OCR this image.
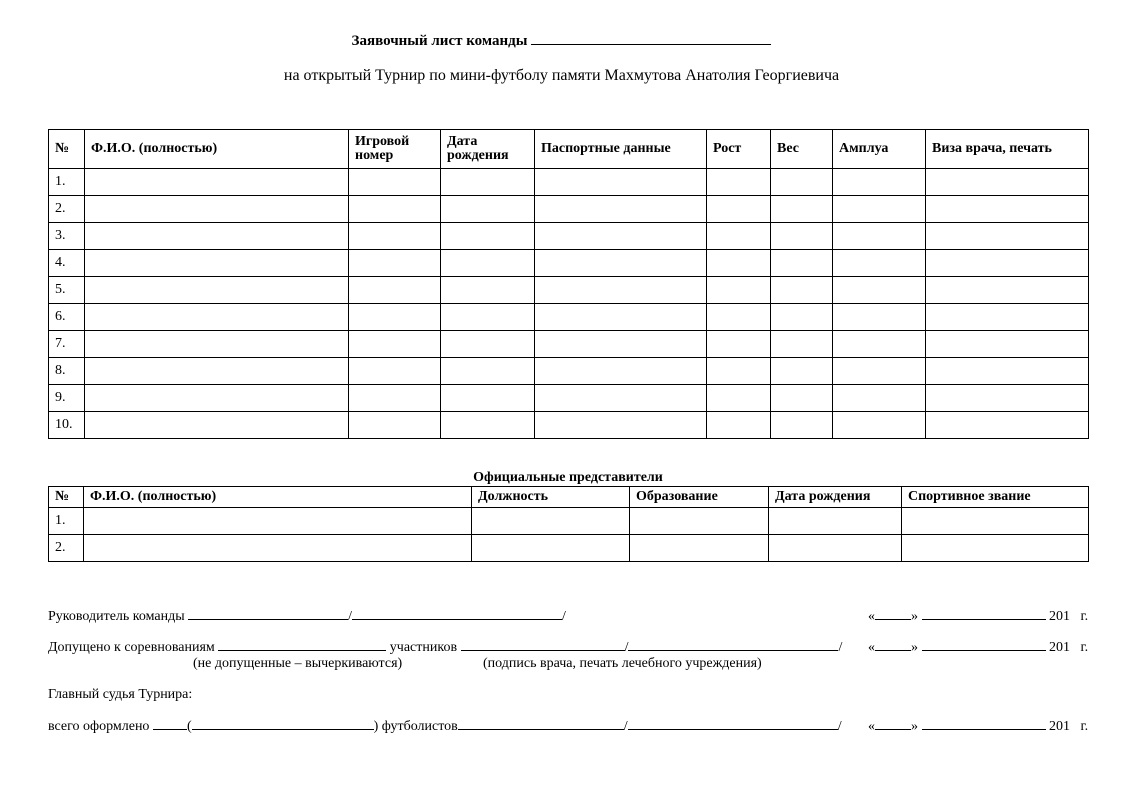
Заявочный лист команды
на открытый Турнир по мини-футболу памяти Махмутова Анатолия Георгиевича
№	Ф.И.О. (полностью)	Игровой номер	Дата рождения	Паспортные данные	Рост	Вес	Амплуа	Виза врача, печать
1.								
2.								
3.								
4.								
5.								
6.								
7.								
8.								
9.								
10.								
Официальные представители
№	Ф.И.О. (полностью)	Должность	Образование	Дата рождения	Спортивное звание
1.					
2.					
Руководитель команды	/	/	«	»	201   г.
Допущено к соревнованиям	участников	/	/ «	»	201   г.
(не допущенные – вычеркиваются)	(подпись врача, печать лечебного учреждения)
Главный судья Турнира:
всего оформлено	(	) футболистов	/	/ «	»	201   г.
